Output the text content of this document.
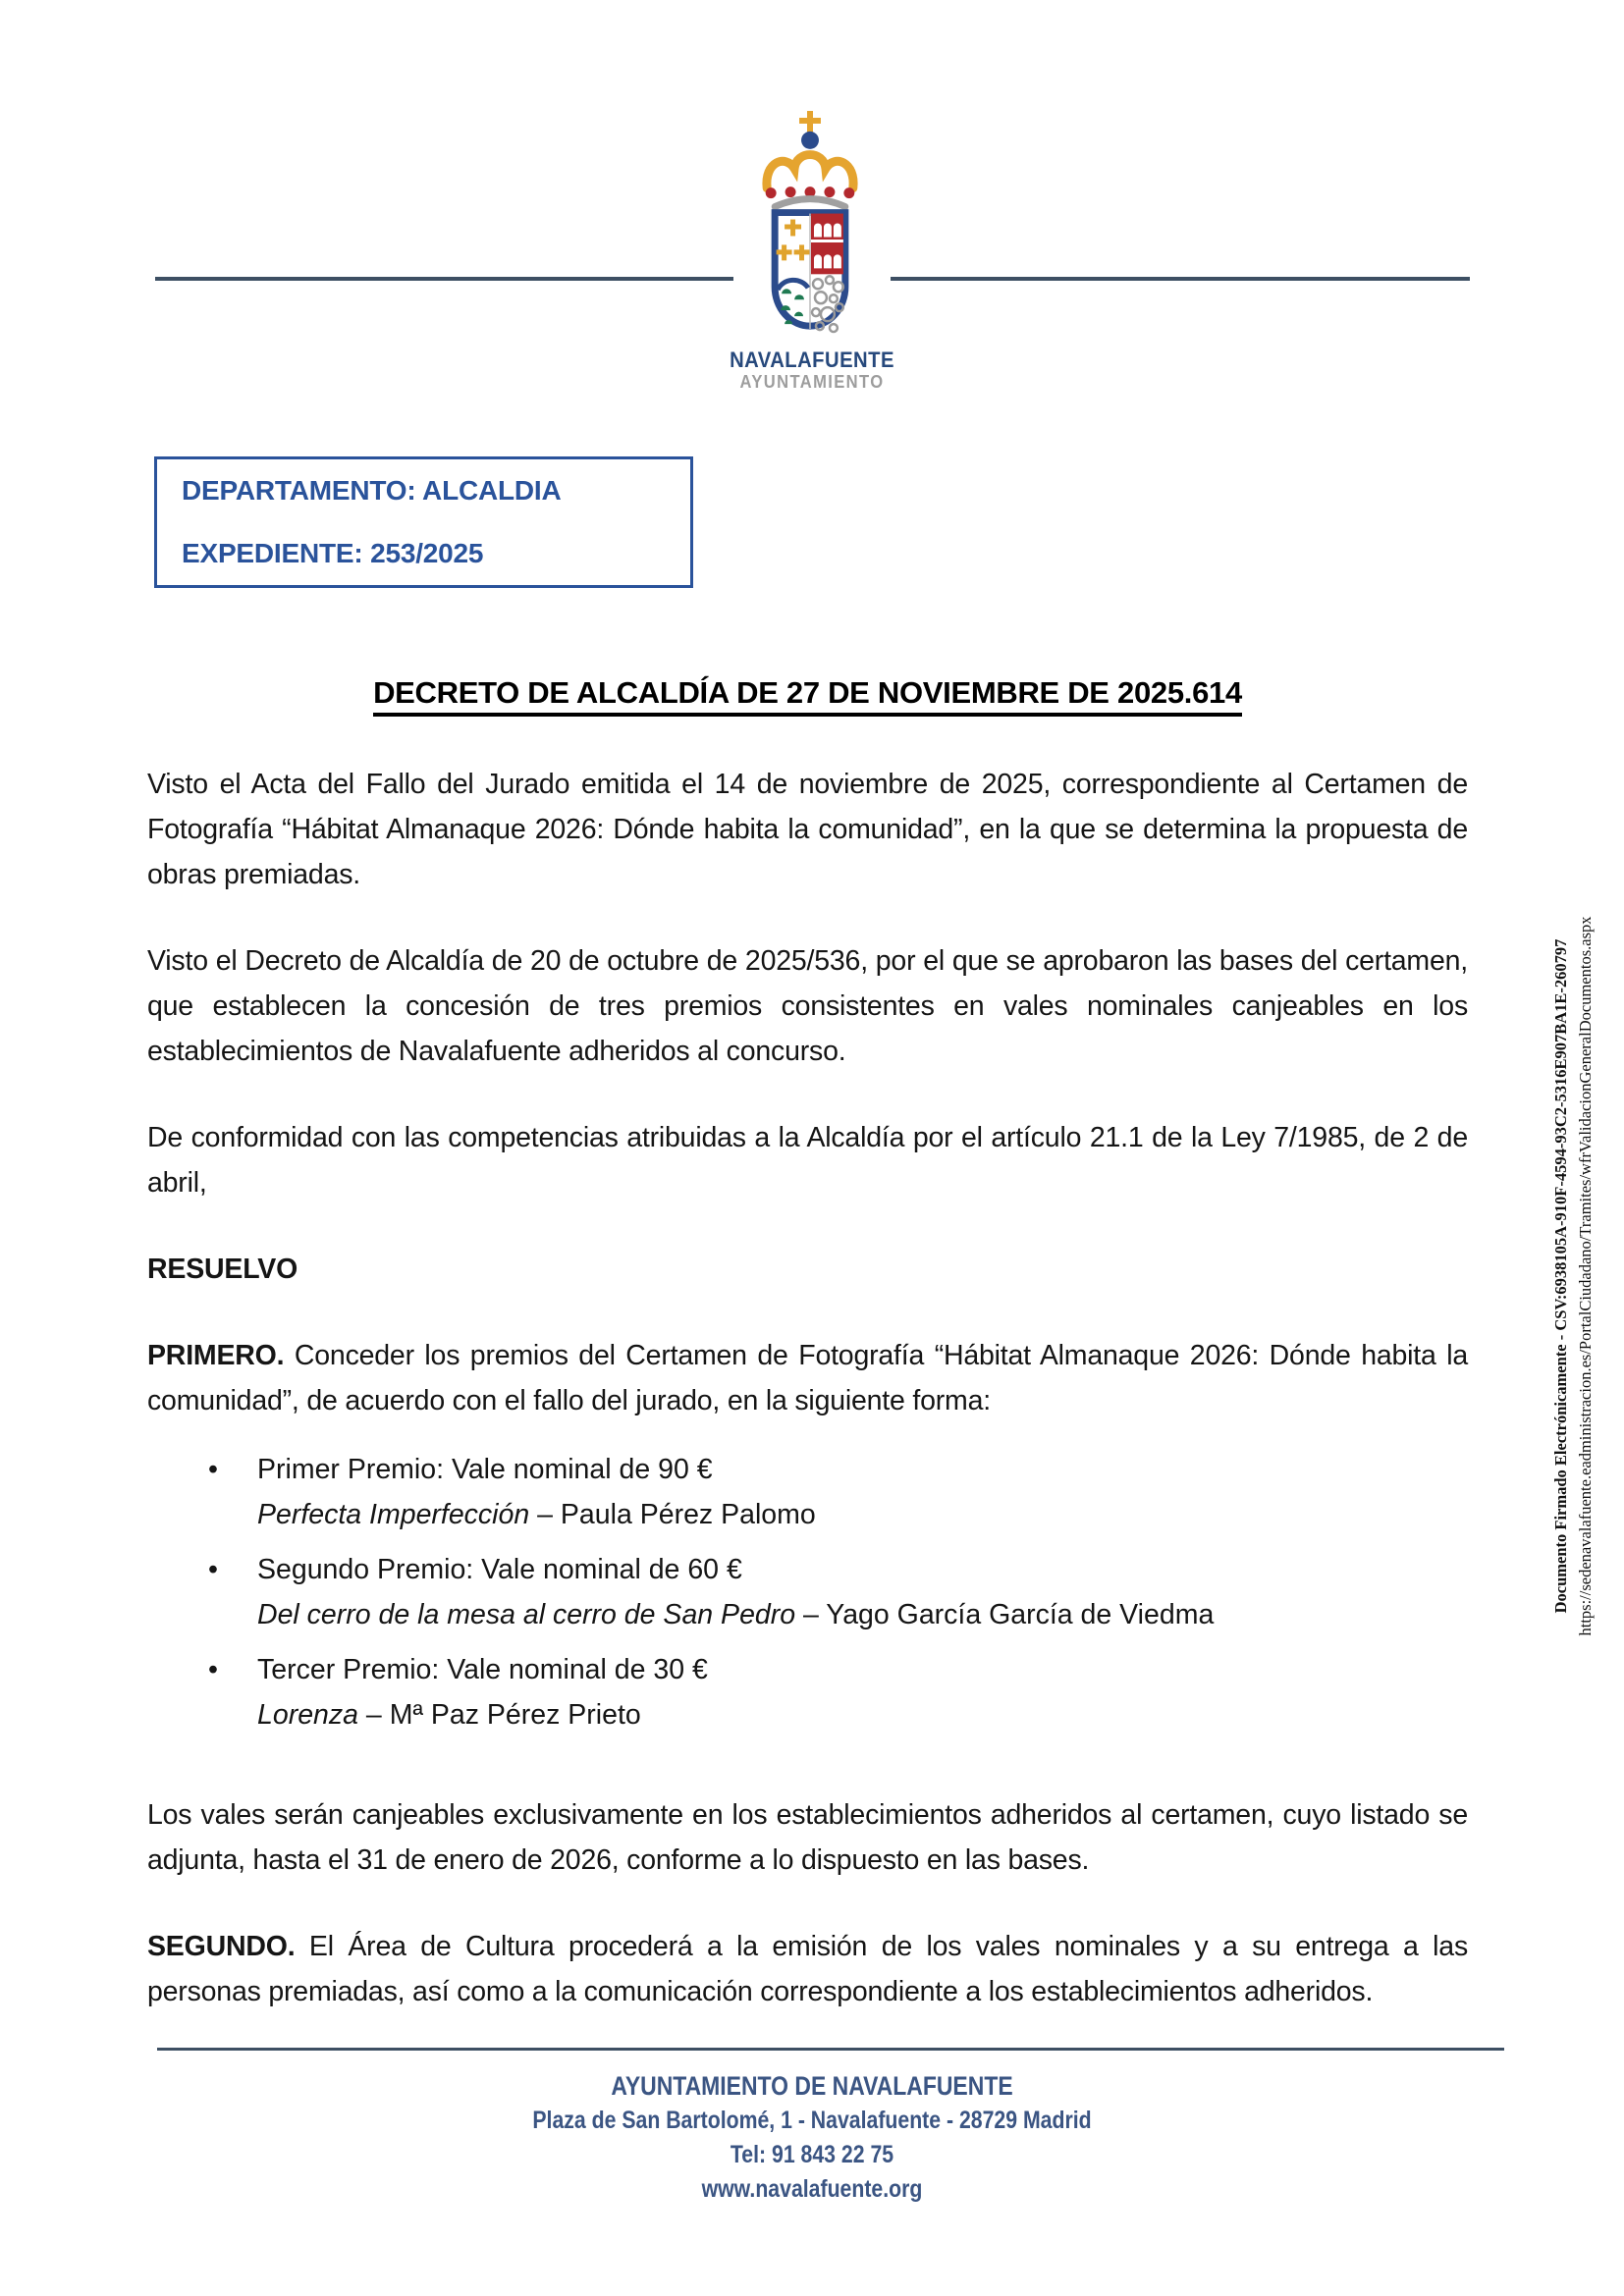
NAVALAFUENTE
AYUNTAMIENTO
DEPARTAMENTO: ALCALDIA
EXPEDIENTE: 253/2025
DECRETO DE ALCALDÍA DE 27 DE NOVIEMBRE DE 2025.614

Visto el Acta del Fallo del Jurado emitida el 14 de noviembre de 2025, correspondiente al Certamen de Fotografía “Hábitat Almanaque 2026: Dónde habita la comunidad”, en la que se determina la propuesta de obras premiadas.

Visto el Decreto de Alcaldía de 20 de octubre de 2025/536, por el que se aprobaron las bases del certamen, que establecen la concesión de tres premios consistentes en vales nominales canjeables en los establecimientos de Navalafuente adheridos al concurso.

De conformidad con las competencias atribuidas a la Alcaldía por el artículo 21.1 de la Ley 7/1985, de 2 de abril,

RESUELVO

PRIMERO. Conceder los premios del Certamen de Fotografía “Hábitat Almanaque 2026: Dónde habita la comunidad”, de acuerdo con el fallo del jurado, en la siguiente forma:

• Primer Premio: Vale nominal de 90 €
Perfecta Imperfección – Paula Pérez Palomo
• Segundo Premio: Vale nominal de 60 €
Del cerro de la mesa al cerro de San Pedro – Yago García García de Viedma
• Tercer Premio: Vale nominal de 30 €
Lorenza – Mª Paz Pérez Prieto

Los vales serán canjeables exclusivamente en los establecimientos adheridos al certamen, cuyo listado se adjunta, hasta el 31 de enero de 2026, conforme a lo dispuesto en las bases.

SEGUNDO. El Área de Cultura procederá a la emisión de los vales nominales y a su entrega a las personas premiadas, así como a la comunicación correspondiente a los establecimientos adheridos.

Documento Firmado Electrónicamente - CSV:6938105A-910F-4594-93C2-5316E907BA1E-260797 https://sedenavalafuente.eadministracion.es/PortalCiudadano/Tramites/wfrValidacionGeneralDocumentos.aspx
AYUNTAMIENTO DE NAVALAFUENTE
Plaza de San Bartolomé, 1 - Navalafuente - 28729 Madrid
Tel: 91 843 22 75
www.navalafuente.org
